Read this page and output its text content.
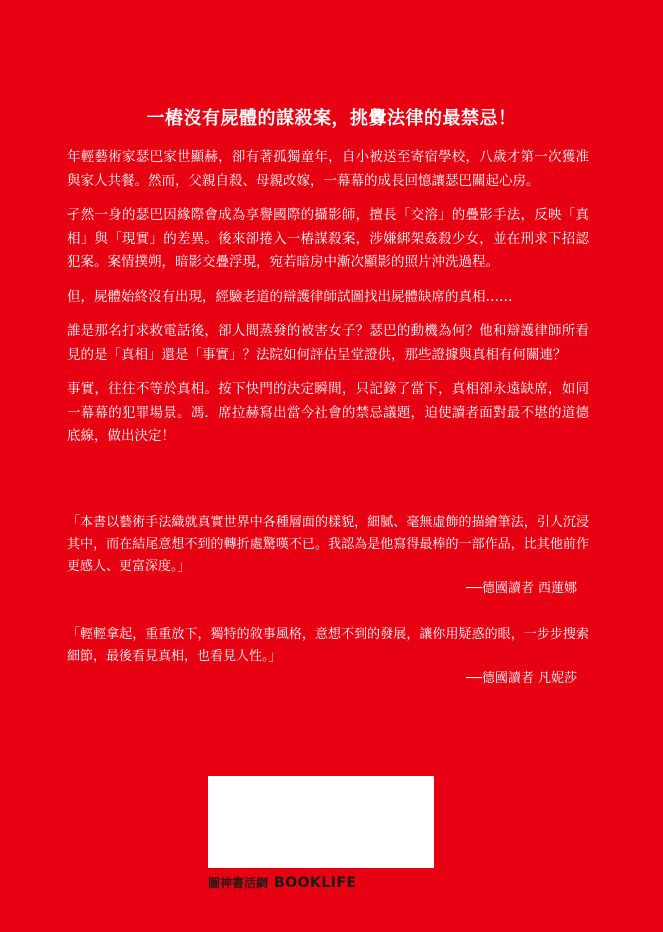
一樁沒有屍體的謀殺案，挑釁法律的最禁忌！

年輕藝術家瑟巴家世顯赫，卻有著孤獨童年，自小被送至寄宿學校，八歲才第一次獲准與家人共餐。然而，父親自殺、母親改嫁，一幕幕的成長回憶讓瑟巴關起心房。

孑然一身的瑟巴因緣際會成為享譽國際的攝影師，擅長「交溶」的疊影手法，反映「真相」與「現實」的差異。後來卻捲入一樁謀殺案，涉嫌綁架姦殺少女，並在刑求下招認犯案。案情撲朔，暗影交疊浮現，宛若暗房中漸次顯影的照片沖洗過程。

但，屍體始終沒有出現，經驗老道的辯護律師試圖找出屍體缺席的真相……

誰是那名打求救電話後，卻人間蒸發的被害女子？瑟巴的動機為何？他和辯護律師所看見的是「真相」還是「事實」？法院如何評估呈堂證供，那些證據與真相有何關連？

事實，往往不等於真相。按下快門的決定瞬間，只記錄了當下，真相卻永遠缺席，如同一幕幕的犯罪場景。馮．席拉赫寫出當今社會的禁忌議題，迫使讀者面對最不堪的道德底線，做出決定！

「本書以藝術手法織就真實世界中各種層面的樣貌，細膩、毫無虛飾的描繪筆法，引人沉浸其中，而在結尾意想不到的轉折處驚嘆不已。我認為是他寫得最棒的一部作品，比其他前作更感人、更富深度。」

──德國讀者 西蓮娜

「輕輕拿起，重重放下，獨特的敘事風格，意想不到的發展，讓你用疑惑的眼，一步步搜索細節，最後看見真相，也看見人性。」

──德國讀者 凡妮莎

圖神書活網 BOOKLIFE
